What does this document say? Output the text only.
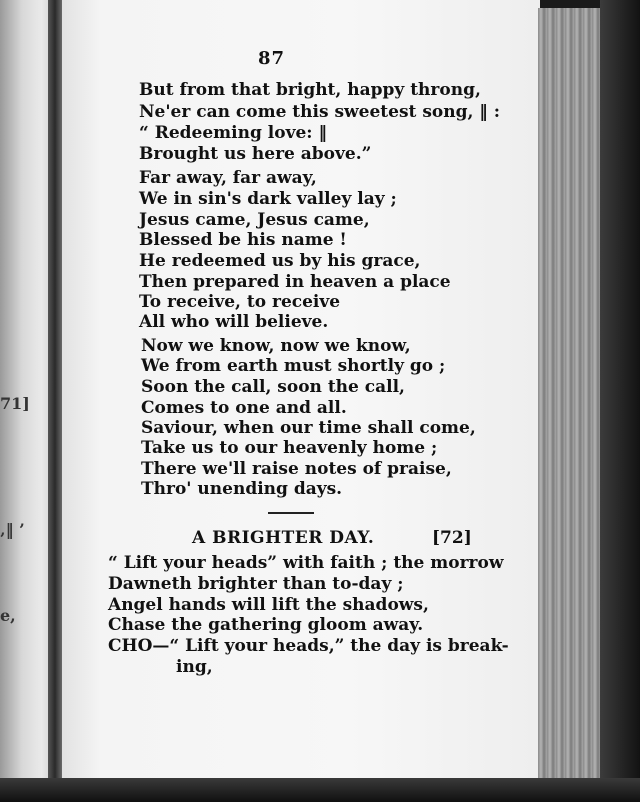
71]
‚‖ ’
e,
87
But from that bright, happy throng,
Ne'er can come this sweetest song, ‖ :
“ Redeeming love: ‖
Brought us here above.”
Far away, far away,
We in sin's dark valley lay ;
Jesus came, Jesus came,
Blessed be his name !
He redeemed us by his grace,
Then prepared in heaven a place
To receive, to receive
All who will believe.
Now we know, now we know,
We from earth must shortly go ;
Soon the call, soon the call,
Comes to one and all.
Saviour, when our time shall come,
Take us to our heavenly home ;
There we'll raise notes of praise,
Thro' unending days.
A BRIGHTER DAY.	[72]
“ Lift your heads” with faith ; the morrow
Dawneth brighter than to-day ;
Angel hands will lift the shadows,
Chase the gathering gloom away.
CHO—“ Lift your heads,” the day is break-
ing,
